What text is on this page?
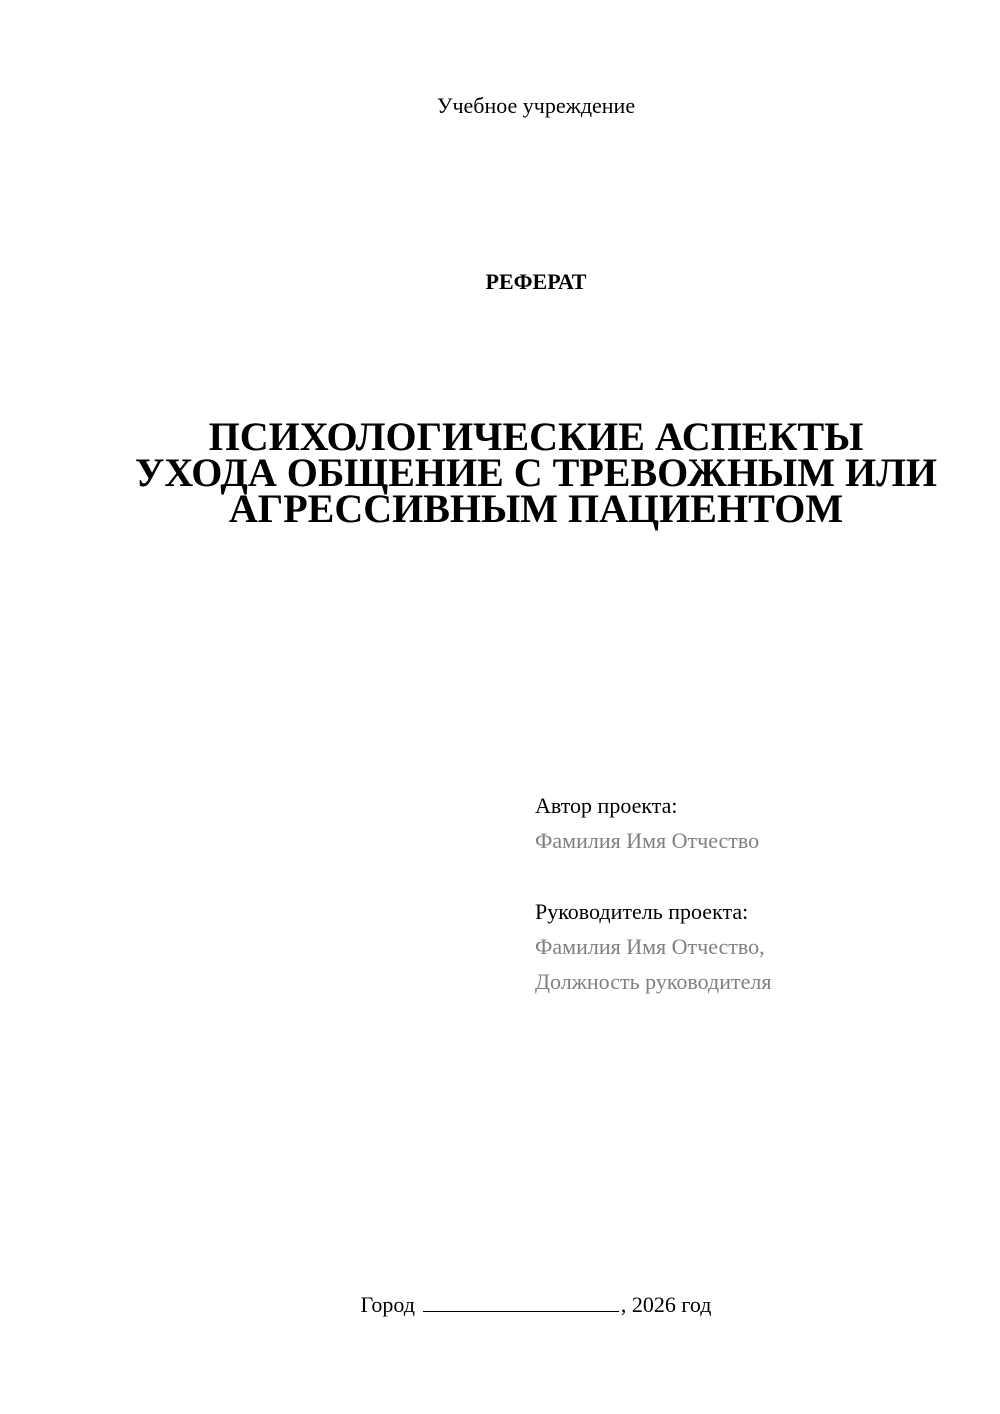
Учебное учреждение
РЕФЕРАТ
ПСИХОЛОГИЧЕСКИЕ АСПЕКТЫ
УХОДА ОБЩЕНИЕ С ТРЕВОЖНЫМ ИЛИ
АГРЕССИВНЫМ ПАЦИЕНТОМ
Автор проекта:
Фамилия Имя Отчество
Руководитель проекта:
Фамилия Имя Отчество,
Должность руководителя
Город	, 2026 год
